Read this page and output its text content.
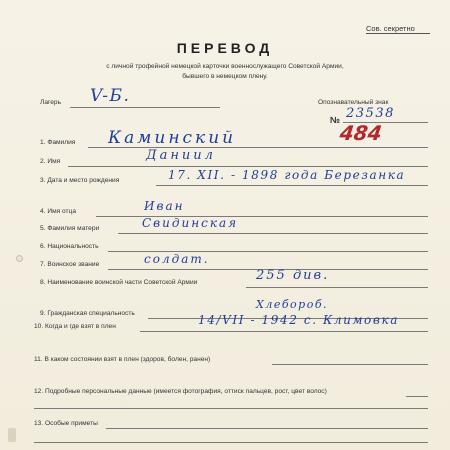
Сов. секретно
ПЕРЕВОД
с личной трофейной немецкой карточки военнослужащего Советской Армии,
бывшего в немецком плену.
Лагерь V-Б.	Опознавательный знак
№ 23538
484
1. Фамилия Каминский
2. Имя	Даниил
3. Дата и место рождения	17. XII. - 1898 года Березанка
4. Имя отца	Иван
5. Фамилия матери	Свидинская
6. Национальность
7. Воинское звание	солдат.
8. Наименование воинской части Советской Армии	255 див.
9. Гражданская специальность
Хлебороб.
10. Когда и где взят в плен	14/VII - 1942 с. Климовка
11. В каком состоянии взят в плен (здоров, болен, ранен)
12. Подробные персональные данные (имеется фотография, оттиск пальцев, рост, цвет волос)
13. Особые приметы
